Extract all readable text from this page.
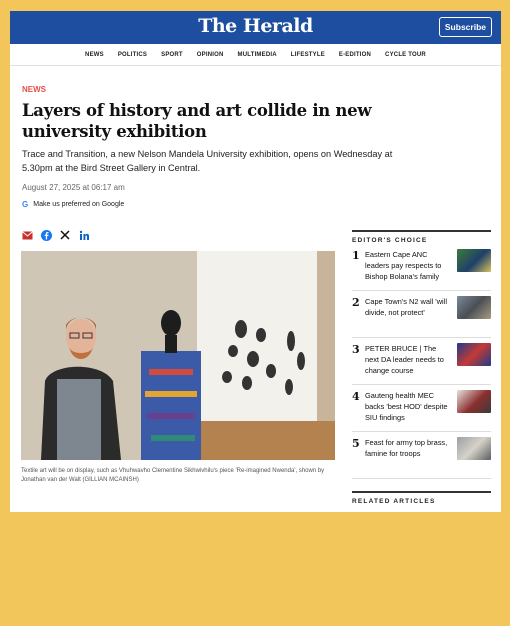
The Herald	Subscribe
NEWS POLITICS SPORT OPINION MULTIMEDIA LIFESTYLE E-EDITION CYCLE TOUR
NEWS
Layers of history and art collide in new university exhibition

Trace and Transition, a new Nelson Mandela University exhibition, opens on Wednesday at 5.30pm at the Bird Street Gallery in Central.

August 27, 2025 at 06:17 am
G Make us preferred on Google

Textile art will be on display, such as Vhuhwavho Clementine Sikhwivhilu's piece 'Re-imagined Nwenda', shown by Jonathan van der Walt (GILLIAN MCAINSH)

EDITOR'S CHOICE
1 Eastern Cape ANC leaders pay respects to Bishop Bolana's family
2 Cape Town's N2 wall 'will divide, not protect'
3 PETER BRUCE | The next DA leader needs to change course
4 Gauteng health MEC backs 'best HOD' despite SIU findings
5 Feast for army top brass, famine for troops
RELATED ARTICLES
